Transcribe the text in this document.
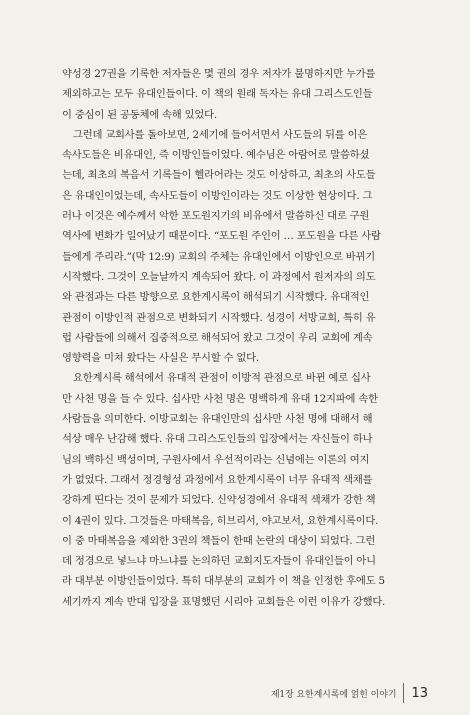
약성경 27권을 기록한 저자들은 몇 권의 경우 저자가 불명하지만 누가를
제외하고는 모두 유대인들이다. 이 책의 원래 독자는 유대 그리스도인들
이 중심이 된 공동체에 속해 있었다.
그런데 교회사를 돌아보면, 2세기에 들어서면서 사도들의 뒤를 이은
속사도들은 비유대인, 즉 이방인들이었다. 예수님은 아람어로 말씀하셨
는데, 최초의 복음서 기록들이 헬라어라는 것도 이상하고, 최초의 사도들
은 유대인이었는데, 속사도들이 이방인이라는 것도 이상한 현상이다. 그
러나 이것은 예수께서 악한 포도원지기의 비유에서 말씀하신 대로 구원
역사에 변화가 일어났기 때문이다. “포도원 주인이 … 포도원을 다른 사람
들에게 주리라.”(막 12:9) 교회의 주체는 유대인에서 이방인으로 바뀌기
시작했다. 그것이 오늘날까지 계속되어 왔다. 이 과정에서 원저자의 의도
와 관점과는 다른 방향으로 요한계시록이 해석되기 시작했다. 유대적인
관점이 이방인적 관점으로 변화되기 시작했다. 성경이 서방교회, 특히 유
럽 사람들에 의해서 집중적으로 해석되어 왔고 그것이 우리 교회에 계속
영향력을 미쳐 왔다는 사실은 무시할 수 없다.
요한계시록 해석에서 유대적 관점이 이방적 관점으로 바뀐 예로 십사
만 사천 명을 들 수 있다. 십사만 사천 명은 명백하게 유대 12지파에 속한
사람들을 의미한다. 이방교회는 유대인만의 십사만 사천 명에 대해서 해
석상 매우 난감해 했다. 유대 그리스도인들의 입장에서는 자신들이 하나
님의 백하신 백성이며, 구원사에서 우선적이라는 신념에는 이론의 여지
가 없었다. 그래서 정경형성 과정에서 요한계시록이 너무 유대적 색채를
강하게 띤다는 것이 문제가 되었다. 신약성경에서 유대적 색채가 강한 책
이 4권이 있다. 그것들은 마태복음, 히브리서, 야고보서, 요한계시록이다.
이 중 마태복음을 제외한 3권의 책들이 한때 논란의 대상이 되었다. 그런
데 정경으로 넣느냐 마느냐를 논의하던 교회지도자들이 유대인들이 아니
라 대부분 이방인들이었다. 특히 대부분의 교회가 이 책을 인정한 후에도 5
세기까지 계속 반대 입장을 표명했던 시리아 교회들은 이런 이유가 강했다.
제1장 요한계시록에 얽힌 이야기 13
